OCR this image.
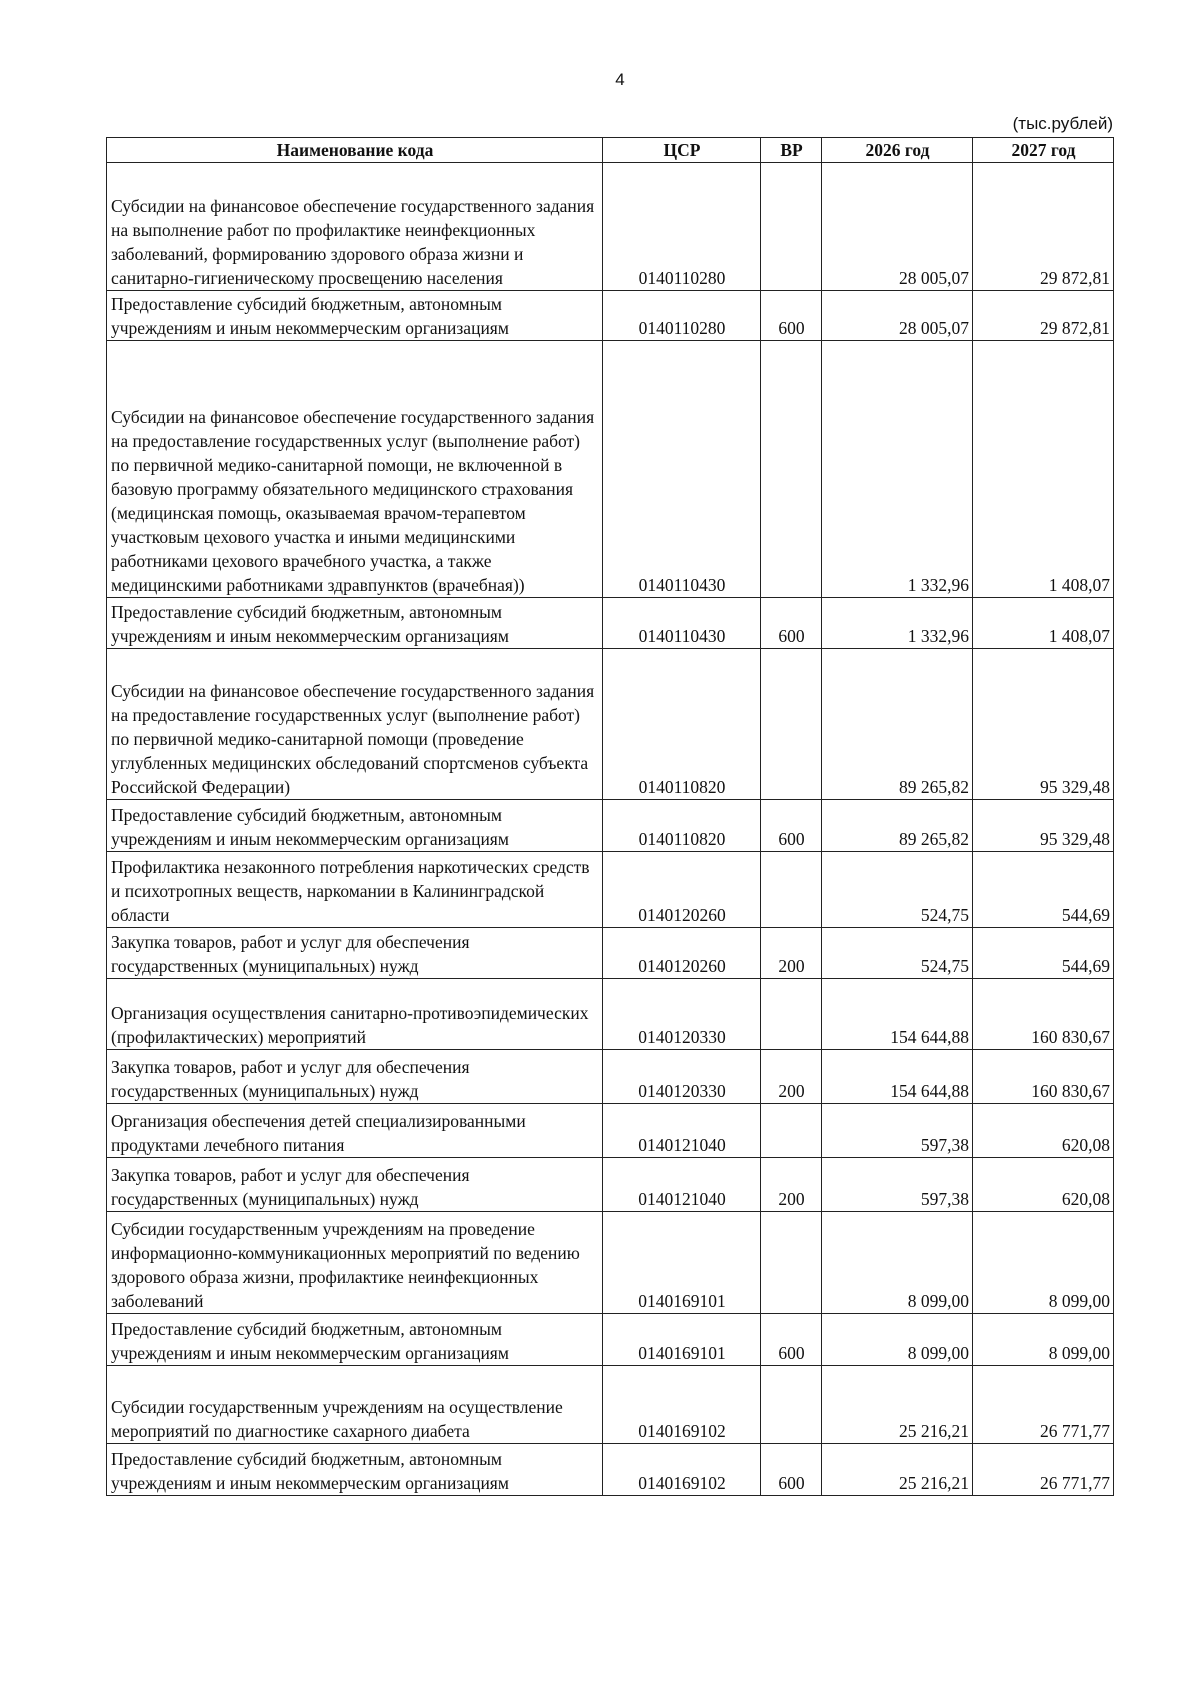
4
(тыс.рублей)
Наименование кода	ЦСР	ВР	2026 год	2027 год
Субсидии на финансовое обеспечение государственного задания на выполнение работ по профилактике неинфекционных заболеваний, формированию здорового образа жизни и санитарно-гигиеническому просвещению населения	0140110280		28 005,07	29 872,81
Предоставление субсидий бюджетным, автономным учреждениям и иным некоммерческим организациям	0140110280	600	28 005,07	29 872,81
Субсидии на финансовое обеспечение государственного задания на предоставление государственных услуг (выполнение работ) по первичной медико-санитарной помощи, не включенной в базовую программу обязательного медицинского страхования (медицинская помощь, оказываемая врачом-терапевтом участковым цехового участка и иными медицинскими работниками цехового врачебного участка, а также медицинскими работниками здравпунктов (врачебная))	0140110430		1 332,96	1 408,07
Предоставление субсидий бюджетным, автономным учреждениям и иным некоммерческим организациям	0140110430	600	1 332,96	1 408,07
Субсидии на финансовое обеспечение государственного задания на предоставление государственных услуг (выполнение работ) по первичной медико-санитарной помощи (проведение углубленных медицинских обследований спортсменов субъекта Российской Федерации)	0140110820		89 265,82	95 329,48
Предоставление субсидий бюджетным, автономным учреждениям и иным некоммерческим организациям	0140110820	600	89 265,82	95 329,48
Профилактика незаконного потребления наркотических средств и психотропных веществ, наркомании в Калининградской области	0140120260		524,75	544,69
Закупка товаров, работ и услуг для обеспечения государственных (муниципальных) нужд	0140120260	200	524,75	544,69
Организация осуществления санитарно-противоэпидемических (профилактических) мероприятий	0140120330		154 644,88	160 830,67
Закупка товаров, работ и услуг для обеспечения государственных (муниципальных) нужд	0140120330	200	154 644,88	160 830,67
Организация обеспечения детей специализированными продуктами лечебного питания	0140121040		597,38	620,08
Закупка товаров, работ и услуг для обеспечения государственных (муниципальных) нужд	0140121040	200	597,38	620,08
Субсидии государственным учреждениям на проведение информационно-коммуникационных мероприятий по ведению здорового образа жизни, профилактике неинфекционных заболеваний	0140169101		8 099,00	8 099,00
Предоставление субсидий бюджетным, автономным учреждениям и иным некоммерческим организациям	0140169101	600	8 099,00	8 099,00
Субсидии государственным учреждениям на осуществление мероприятий по диагностике сахарного диабета	0140169102		25 216,21	26 771,77
Предоставление субсидий бюджетным, автономным учреждениям и иным некоммерческим организациям	0140169102	600	25 216,21	26 771,77
